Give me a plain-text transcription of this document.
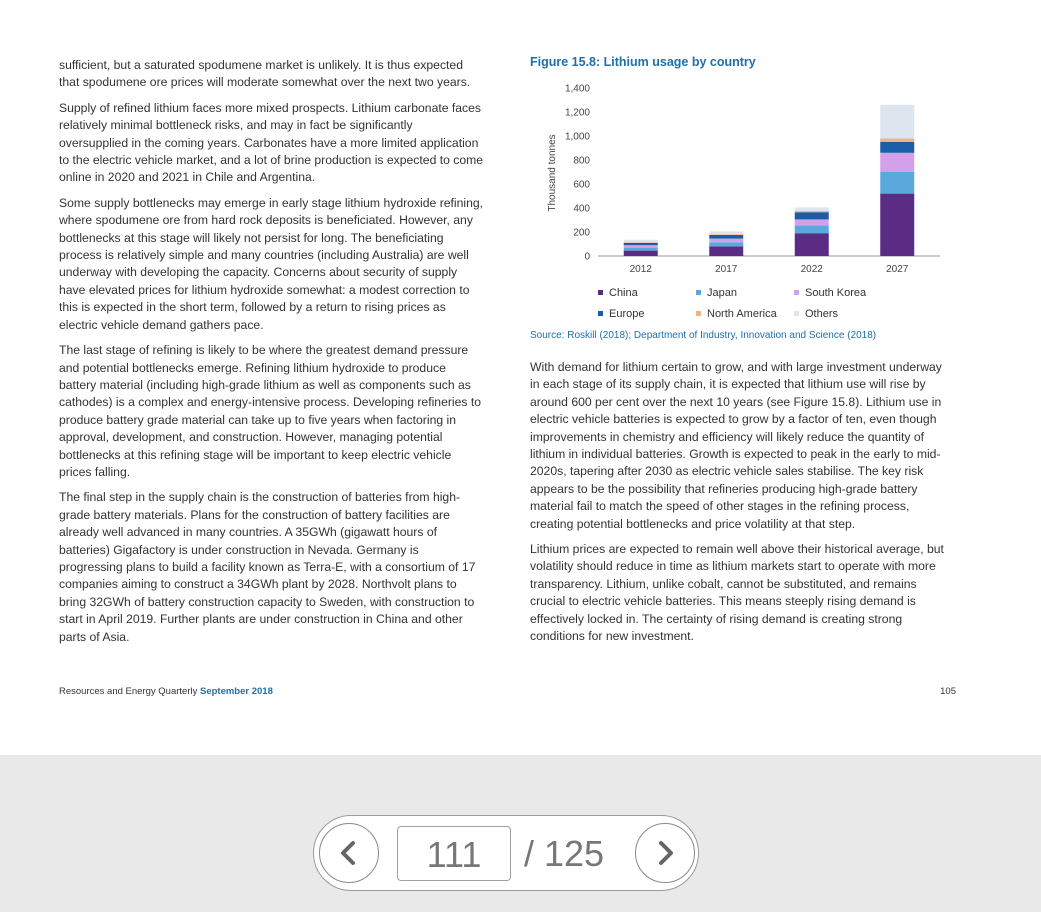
sufficient, but a saturated spodumene market is unlikely. It is thus expected that spodumene ore prices will moderate somewhat over the next two years.

Supply of refined lithium faces more mixed prospects. Lithium carbonate faces relatively minimal bottleneck risks, and may in fact be significantly oversupplied in the coming years. Carbonates have a more limited application to the electric vehicle market, and a lot of brine production is expected to come online in 2020 and 2021 in Chile and Argentina.

Some supply bottlenecks may emerge in early stage lithium hydroxide refining, where spodumene ore from hard rock deposits is beneficiated. However, any bottlenecks at this stage will likely not persist for long. The beneficiating process is relatively simple and many countries (including Australia) are well underway with developing the capacity. Concerns about security of supply have elevated prices for lithium hydroxide somewhat: a modest correction to this is expected in the short term, followed by a return to rising prices as electric vehicle demand gathers pace.

The last stage of refining is likely to be where the greatest demand pressure and potential bottlenecks emerge. Refining lithium hydroxide to produce battery material (including high-grade lithium as well as components such as cathodes) is a complex and energy-intensive process. Developing refineries to produce battery grade material can take up to five years when factoring in approval, development, and construction. However, managing potential bottlenecks at this refining stage will be important to keep electric vehicle prices falling.

The final step in the supply chain is the construction of batteries from high-grade battery materials. Plans for the construction of battery facilities are already well advanced in many countries. A 35GWh (gigawatt hours of batteries) Gigafactory is under construction in Nevada. Germany is progressing plans to build a facility known as Terra-E, with a consortium of 17 companies aiming to construct a 34GWh plant by 2028. Northvolt plans to bring 32GWh of battery construction capacity to Sweden, with construction to start in April 2019. Further plants are under construction in China and other parts of Asia.

Figure 15.8: Lithium usage by country
Thousand tonnes
0
200
400
600
800
1,000
1,200
1,400
2012	2017	2022	2027
China	Japan	South Korea
Europe	North America	Others
Source: Roskill (2018); Department of Industry, Innovation and Science (2018)

With demand for lithium certain to grow, and with large investment underway in each stage of its supply chain, it is expected that lithium use will rise by around 600 per cent over the next 10 years (see Figure 15.8). Lithium use in electric vehicle batteries is expected to grow by a factor of ten, even though improvements in chemistry and efficiency will likely reduce the quantity of lithium in individual batteries. Growth is expected to peak in the early to mid-2020s, tapering after 2030 as electric vehicle sales stabilise. The key risk appears to be the possibility that refineries producing high-grade battery material fail to match the speed of other stages in the refining process, creating potential bottlenecks and price volatility at that step.

Lithium prices are expected to remain well above their historical average, but volatility should reduce in time as lithium markets start to operate with more transparency. Lithium, unlike cobalt, cannot be substituted, and remains crucial to electric vehicle batteries. This means steeply rising demand is effectively locked in. The certainty of rising demand is creating strong conditions for new investment.

Resources and Energy Quarterly September 2018	105
111	/ 125
